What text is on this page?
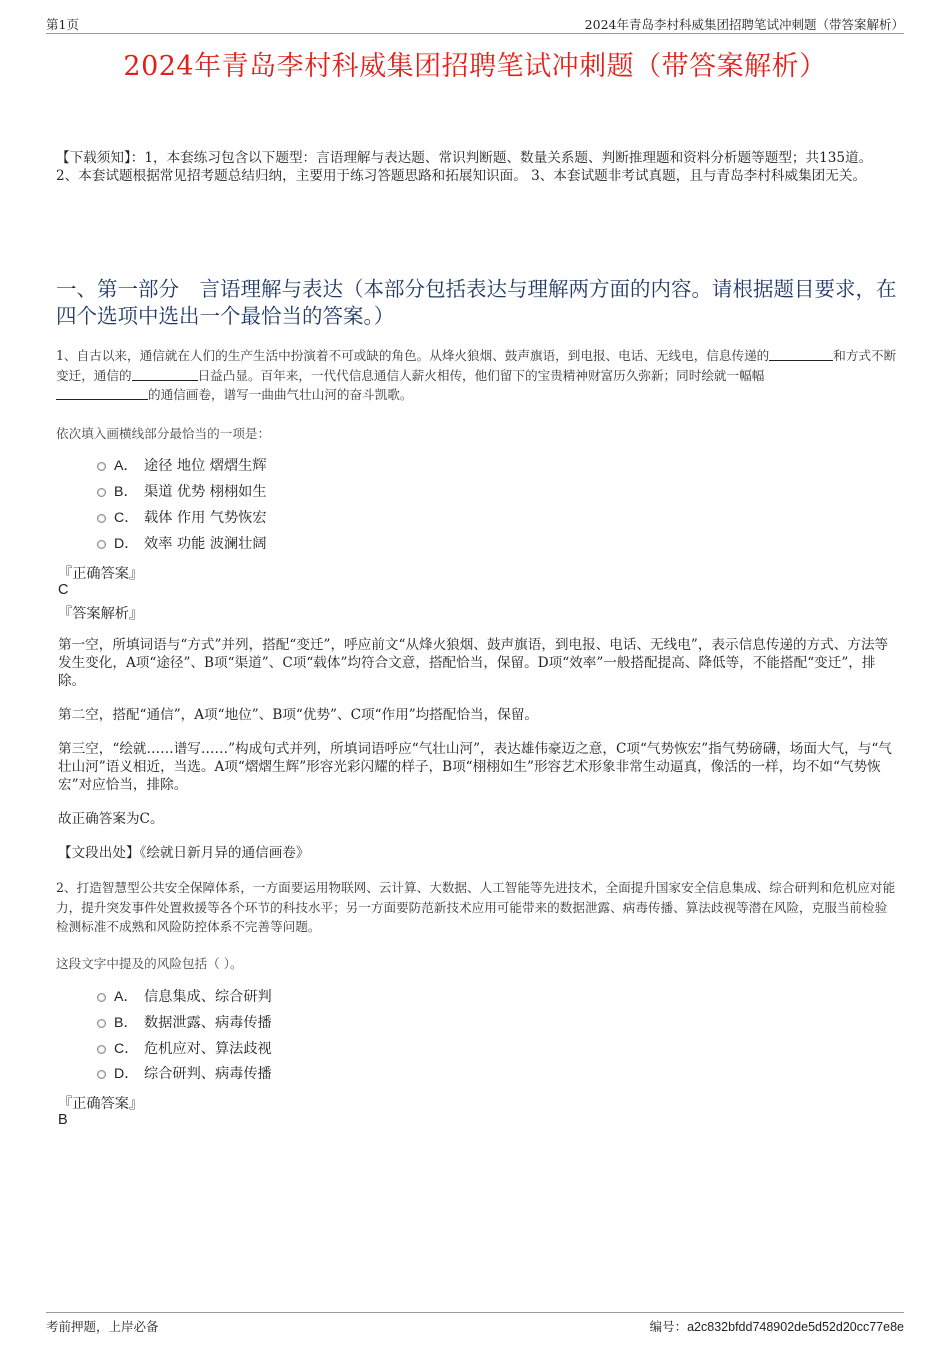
第1页	2024年青岛李村科威集团招聘笔试冲刺题（带答案解析）
2024年青岛李村科威集团招聘笔试冲刺题（带答案解析）
【下载须知】：1，本套练习包含以下题型：言语理解与表达题、常识判断题、数量关系题、判断推理题和资料分析题等题型；共135道。 2、本套试题根据常见招考题总结归纳，主要用于练习答题思路和拓展知识面。 3、本套试题非考试真题，且与青岛李村科威集团无关。
一、第一部分　言语理解与表达（本部分包括表达与理解两方面的内容。请根据题目要求，在四个选项中选出一个最恰当的答案。）
1、自古以来，通信就在人们的生产生活中扮演着不可或缺的角色。从烽火狼烟、鼓声旗语，到电报、电话、无线电，信息传递的	和方式不断变迁，通信的	日益凸显。百年来，一代代信息通信人薪火相传，他们留下的宝贵精神财富历久弥新；同时绘就一幅幅
的通信画卷，谱写一曲曲气壮山河的奋斗凯歌。
依次填入画横线部分最恰当的一项是：
A． 途径 地位 熠熠生辉
B． 渠道 优势 栩栩如生
C． 载体 作用 气势恢宏
D． 效率 功能 波澜壮阔
『正确答案』
C
『答案解析』
第一空，所填词语与“方式”并列，搭配“变迁”，呼应前文“从烽火狼烟、鼓声旗语，到电报、电话、无线电”，表示信息传递的方式、方法等发生变化，A项“途径”、B项“渠道”、C项“载体”均符合文意，搭配恰当，保留。D项“效率”一般搭配提高、降低等，不能搭配“变迁”，排除。
第二空，搭配“通信”，A项“地位”、B项“优势”、C项“作用”均搭配恰当，保留。
第三空，“绘就……谱写……”构成句式并列，所填词语呼应“气壮山河”，表达雄伟豪迈之意，C项“气势恢宏”指气势磅礴，场面大气，与“气壮山河”语义相近，当选。A项“熠熠生辉”形容光彩闪耀的样子，B项“栩栩如生”形容艺术形象非常生动逼真，像活的一样，均不如“气势恢宏”对应恰当，排除。
故正确答案为C。
【文段出处】《绘就日新月异的通信画卷》
2、打造智慧型公共安全保障体系，一方面要运用物联网、云计算、大数据、人工智能等先进技术，全面提升国家安全信息集成、综合研判和危机应对能力，提升突发事件处置救援等各个环节的科技水平；另一方面要防范新技术应用可能带来的数据泄露、病毒传播、算法歧视等潜在风险，克服当前检验检测标准不成熟和风险防控体系不完善等问题。
这段文字中提及的风险包括（ ）。
A． 信息集成、综合研判
B． 数据泄露、病毒传播
C． 危机应对、算法歧视
D． 综合研判、病毒传播
『正确答案』
B
考前押题，上岸必备	编号：a2c832bfdd748902de5d52d20cc77e8e
